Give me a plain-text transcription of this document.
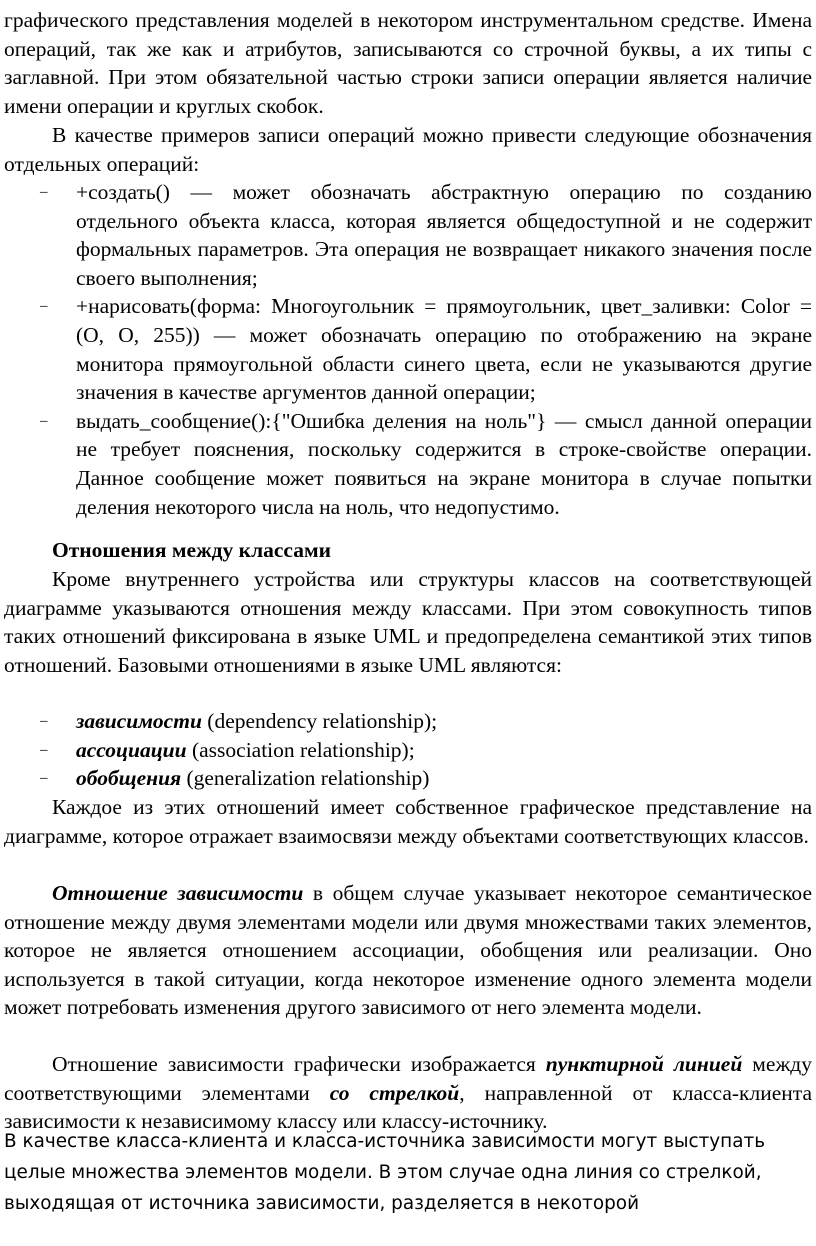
графического представления моделей в некотором инструментальном средстве. Имена операций, так же как и атрибутов, записываются со строчной буквы, а их типы с заглавной. При этом обязательной частью строки записи операции является наличие имени операции и круглых скобок.

В качестве примеров записи операций можно привести следующие обозначения отдельных операций:

– +создать() — может обозначать абстрактную операцию по созданию отдельного объекта класса, которая является общедоступной и не содержит формальных параметров. Эта операция не возвращает никакого значения после своего выполнения;
– +нарисовать(форма: Многоугольник = прямоугольник, цвет_заливки: Color = (О, О, 255)) — может обозначать операцию по отображению на экране монитора прямоугольной области синего цвета, если не указываются другие значения в качестве аргументов данной операции;
– выдать_сообщение():{"Ошибка деления на ноль"} — смысл данной операции не требует пояснения, поскольку содержится в строке-свойстве операции. Данное сообщение может появиться на экране монитора в случае попытки деления некоторого числа на ноль, что недопустимо.

Отношения между классами

Кроме внутреннего устройства или структуры классов на соответствующей диаграмме указываются отношения между классами. При этом совокупность типов таких отношений фиксирована в языке UML и предопределена семантикой этих типов отношений. Базовыми отношениями в языке UML являются:

– зависимости (dependency relationship);
– ассоциации (association relationship);
– обобщения (generalization relationship)

Каждое из этих отношений имеет собственное графическое представление на диаграмме, которое отражает взаимосвязи между объектами соответствующих классов.

Отношение зависимости в общем случае указывает некоторое семантическое отношение между двумя элементами модели или двумя множествами таких элементов, которое не является отношением ассоциации, обобщения или реализации. Оно используется в такой ситуации, когда некоторое изменение одного элемента модели может потребовать изменения другого зависимого от него элемента модели.

Отношение зависимости графически изображается пунктирной линией между соответствующими элементами со стрелкой, направленной от класса-клиента зависимости к независимому классу или классу-источнику.

В качестве класса-клиента и класса-источника зависимости могут выступать целые множества элементов модели. В этом случае одна линия со стрелкой, выходящая от источника зависимости, разделяется в некоторой
